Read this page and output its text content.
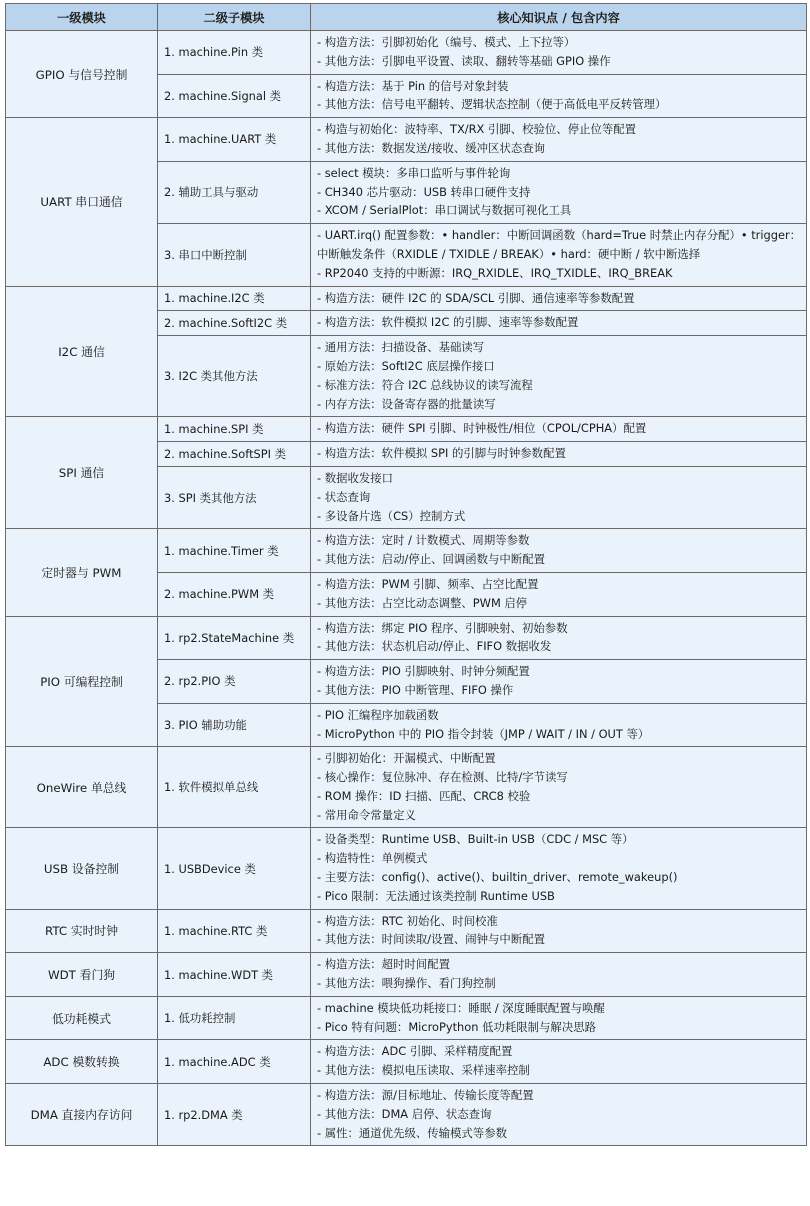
一级模块	二级子模块	核心知识点 / 包含内容
GPIO 与信号控制	1. machine.Pin 类	- 构造方法：引脚初始化（编号、模式、上下拉等）
- 其他方法：引脚电平设置、读取、翻转等基础 GPIO 操作

	2. machine.Signal 类	- 构造方法：基于 Pin 的信号对象封装
- 其他方法：信号电平翻转、逻辑状态控制（便于高低电平反转管理）

UART 串口通信	1. machine.UART 类	- 构造与初始化：波特率、TX/RX 引脚、校验位、停止位等配置
- 其他方法：数据发送/接收、缓冲区状态查询

	2. 辅助工具与驱动	- select 模块：多串口监听与事件轮询
- CH340 芯片驱动：USB 转串口硬件支持
- XCOM / SerialPlot：串口调试与数据可视化工具

	3. 串口中断控制	- UART.irq() 配置参数：• handler：中断回调函数（hard=True 时禁止内存分配）• trigger：中断触发条件（RXIDLE / TXIDLE / BREAK）• hard：硬中断 / 软中断选择
- RP2040 支持的中断源：IRQ_RXIDLE、IRQ_TXIDLE、IRQ_BREAK

I2C 通信	1. machine.I2C 类	- 构造方法：硬件 I2C 的 SDA/SCL 引脚、通信速率等参数配置

	2. machine.SoftI2C 类	- 构造方法：软件模拟 I2C 的引脚、速率等参数配置

	3. I2C 类其他方法	- 通用方法：扫描设备、基础读写
- 原始方法：SoftI2C 底层操作接口
- 标准方法：符合 I2C 总线协议的读写流程
- 内存方法：设备寄存器的批量读写

SPI 通信	1. machine.SPI 类	- 构造方法：硬件 SPI 引脚、时钟极性/相位（CPOL/CPHA）配置

	2. machine.SoftSPI 类	- 构造方法：软件模拟 SPI 的引脚与时钟参数配置

	3. SPI 类其他方法	- 数据收发接口
- 状态查询
- 多设备片选（CS）控制方式

定时器与 PWM	1. machine.Timer 类	- 构造方法：定时 / 计数模式、周期等参数
- 其他方法：启动/停止、回调函数与中断配置

	2. machine.PWM 类	- 构造方法：PWM 引脚、频率、占空比配置
- 其他方法：占空比动态调整、PWM 启停

PIO 可编程控制	1. rp2.StateMachine 类	- 构造方法：绑定 PIO 程序、引脚映射、初始参数
- 其他方法：状态机启动/停止、FIFO 数据收发

	2. rp2.PIO 类	- 构造方法：PIO 引脚映射、时钟分频配置
- 其他方法：PIO 中断管理、FIFO 操作

	3. PIO 辅助功能	- PIO 汇编程序加载函数
- MicroPython 中的 PIO 指令封装（JMP / WAIT / IN / OUT 等）

OneWire 单总线	1. 软件模拟单总线	- 引脚初始化：开漏模式、中断配置
- 核心操作：复位脉冲、存在检测、比特/字节读写
- ROM 操作：ID 扫描、匹配、CRC8 校验
- 常用命令常量定义

USB 设备控制	1. USBDevice 类	- 设备类型：Runtime USB、Built-in USB（CDC / MSC 等）
- 构造特性：单例模式
- 主要方法：config()、active()、builtin_driver、remote_wakeup()
- Pico 限制：无法通过该类控制 Runtime USB

RTC 实时时钟	1. machine.RTC 类	- 构造方法：RTC 初始化、时间校准
- 其他方法：时间读取/设置、闹钟与中断配置

WDT 看门狗	1. machine.WDT 类	- 构造方法：超时时间配置
- 其他方法：喂狗操作、看门狗控制

低功耗模式	1. 低功耗控制	- machine 模块低功耗接口：睡眠 / 深度睡眠配置与唤醒
- Pico 特有问题：MicroPython 低功耗限制与解决思路

ADC 模数转换	1. machine.ADC 类	- 构造方法：ADC 引脚、采样精度配置
- 其他方法：模拟电压读取、采样速率控制

DMA 直接内存访问	1. rp2.DMA 类	- 构造方法：源/目标地址、传输长度等配置
- 其他方法：DMA 启停、状态查询
- 属性：通道优先级、传输模式等参数
